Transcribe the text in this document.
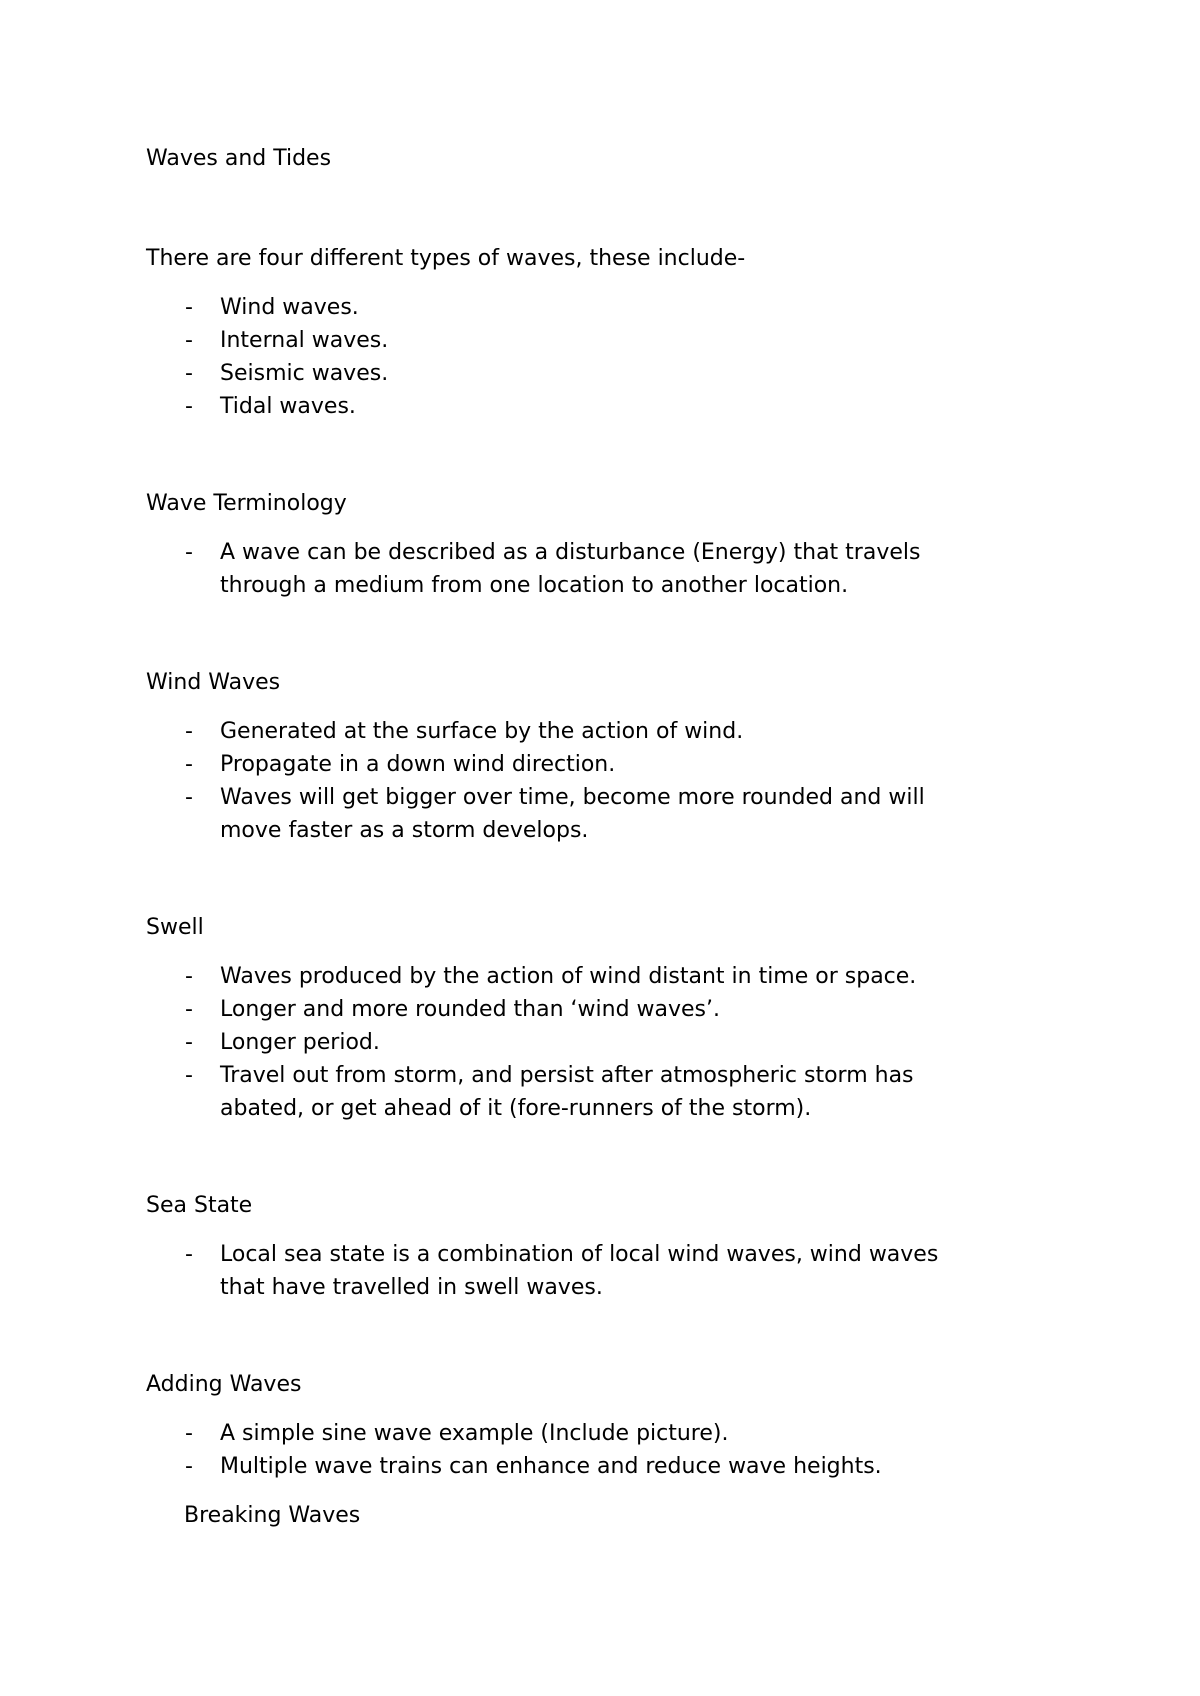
Waves and Tides
There are four different types of waves, these include-
- Wind waves.
- Internal waves.
- Seismic waves.
- Tidal waves.
Wave Terminology
- A wave can be described as a disturbance (Energy) that travels
through a medium from one location to another location.
Wind Waves
- Generated at the surface by the action of wind.
- Propagate in a down wind direction.
- Waves will get bigger over time, become more rounded and will
move faster as a storm develops.
Swell
- Waves produced by the action of wind distant in time or space.
- Longer and more rounded than ‘wind waves’.
- Longer period.
- Travel out from storm, and persist after atmospheric storm has
abated, or get ahead of it (fore-runners of the storm).
Sea State
- Local sea state is a combination of local wind waves, wind waves
that have travelled in swell waves.
Adding Waves
- A simple sine wave example (Include picture).
- Multiple wave trains can enhance and reduce wave heights.
Breaking Waves
